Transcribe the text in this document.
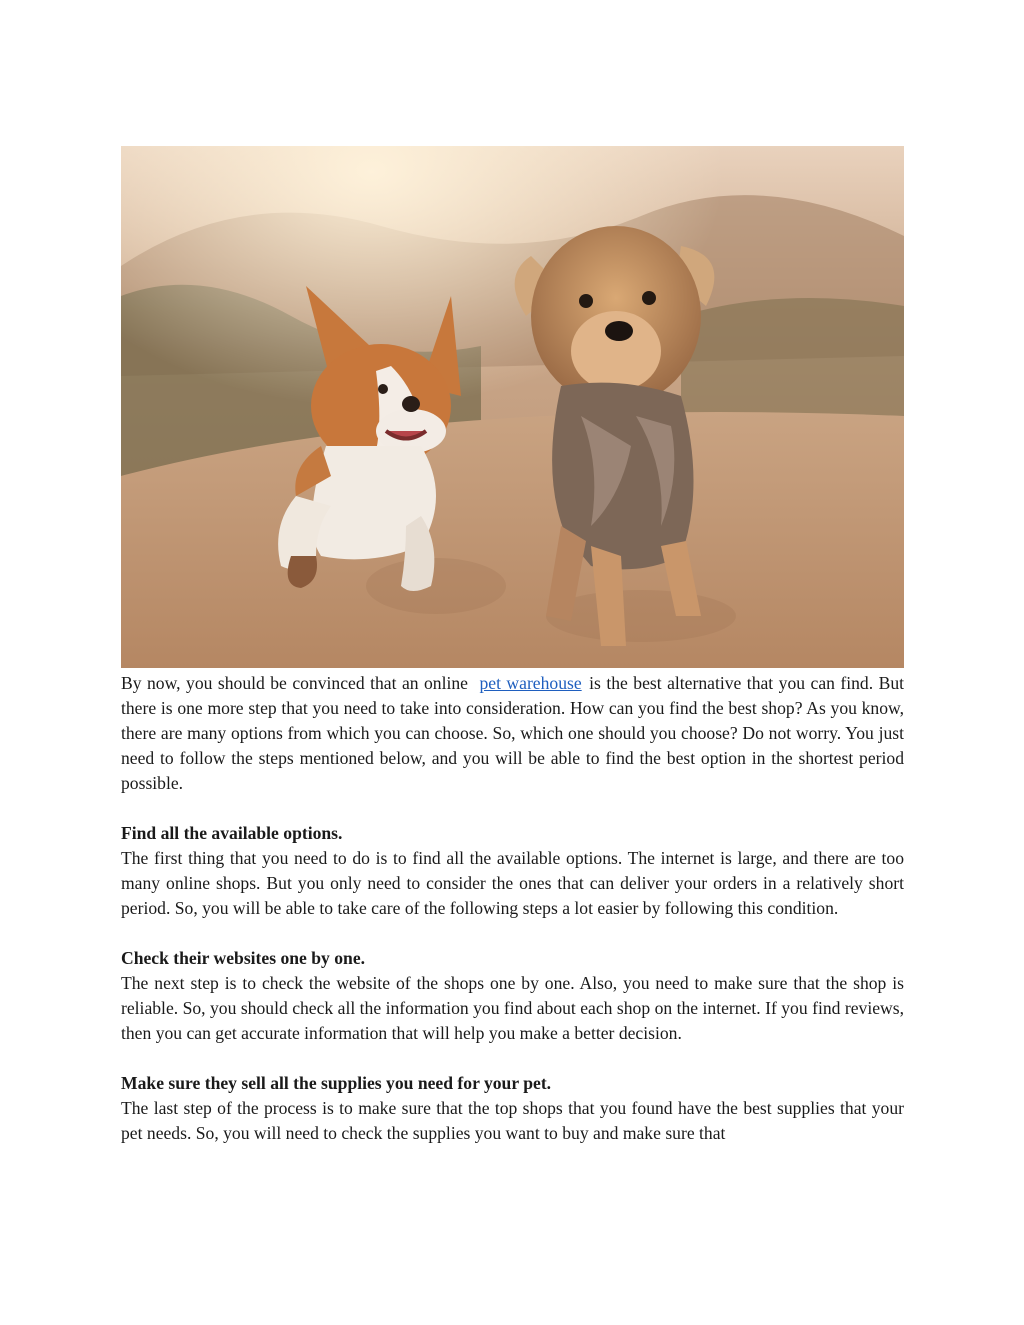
By now, you should be convinced that an online pet warehouse is the best alternative that you can find. But there is one more step that you need to take into consideration. How can you find the best shop? As you know, there are many options from which you can choose. So, which one should you choose? Do not worry. You just need to follow the steps mentioned below, and you will be able to find the best option in the shortest period possible.

Find all the available options.

The first thing that you need to do is to find all the available options. The internet is large, and there are too many online shops. But you only need to consider the ones that can deliver your orders in a relatively short period. So, you will be able to take care of the following steps a lot easier by following this condition.

Check their websites one by one.

The next step is to check the website of the shops one by one. Also, you need to make sure that the shop is reliable. So, you should check all the information you find about each shop on the internet. If you find reviews, then you can get accurate information that will help you make a better decision.

Make sure they sell all the supplies you need for your pet.

The last step of the process is to make sure that the top shops that you found have the best supplies that your pet needs. So, you will need to check the supplies you want to buy and make sure that
